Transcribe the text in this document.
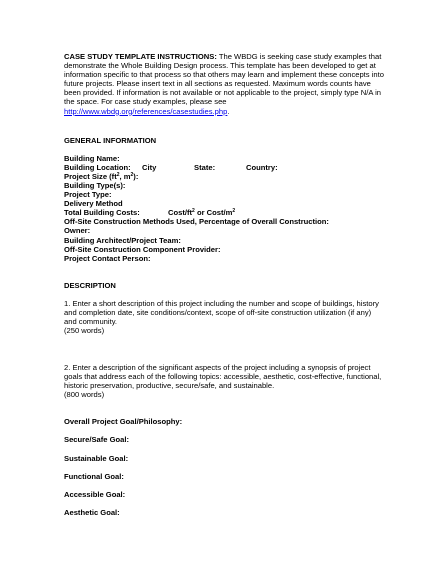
CASE STUDY TEMPLATE INSTRUCTIONS: The WBDG is seeking case study examples that demonstrate the Whole Building Design process. This template has been developed to get at information specific to that process so that others may learn and implement these concepts into future projects. Please insert text in all sections as requested. Maximum words counts have been provided. If information is not available or not applicable to the project, simply type N/A in the space. For case study examples, please see http://www.wbdg.org/references/casestudies.php.
GENERAL INFORMATION
Building Name:
Building Location: City	State:	Country:
Project Size ($ft^2$, $m^2$):
Building Type(s):
Project Type:
Delivery Method
Total Building Costs:	Cost/$ft^2$ or Cost/$m^2$
Off-Site Construction Methods Used, Percentage of Overall Construction:
Owner:
Building Architect/Project Team:
Off-Site Construction Component Provider:
Project Contact Person:
DESCRIPTION
1. Enter a short description of this project including the number and scope of buildings, history and completion date, site conditions/context, scope of off-site construction utilization (if any) and community.
(250 words)
2. Enter a description of the significant aspects of the project including a synopsis of project goals that address each of the following topics: accessible, aesthetic, cost-effective, functional, historic preservation, productive, secure/safe, and sustainable.
(800 words)
Overall Project Goal/Philosophy:
Secure/Safe Goal:
Sustainable Goal:
Functional Goal:
Accessible Goal:
Aesthetic Goal:
